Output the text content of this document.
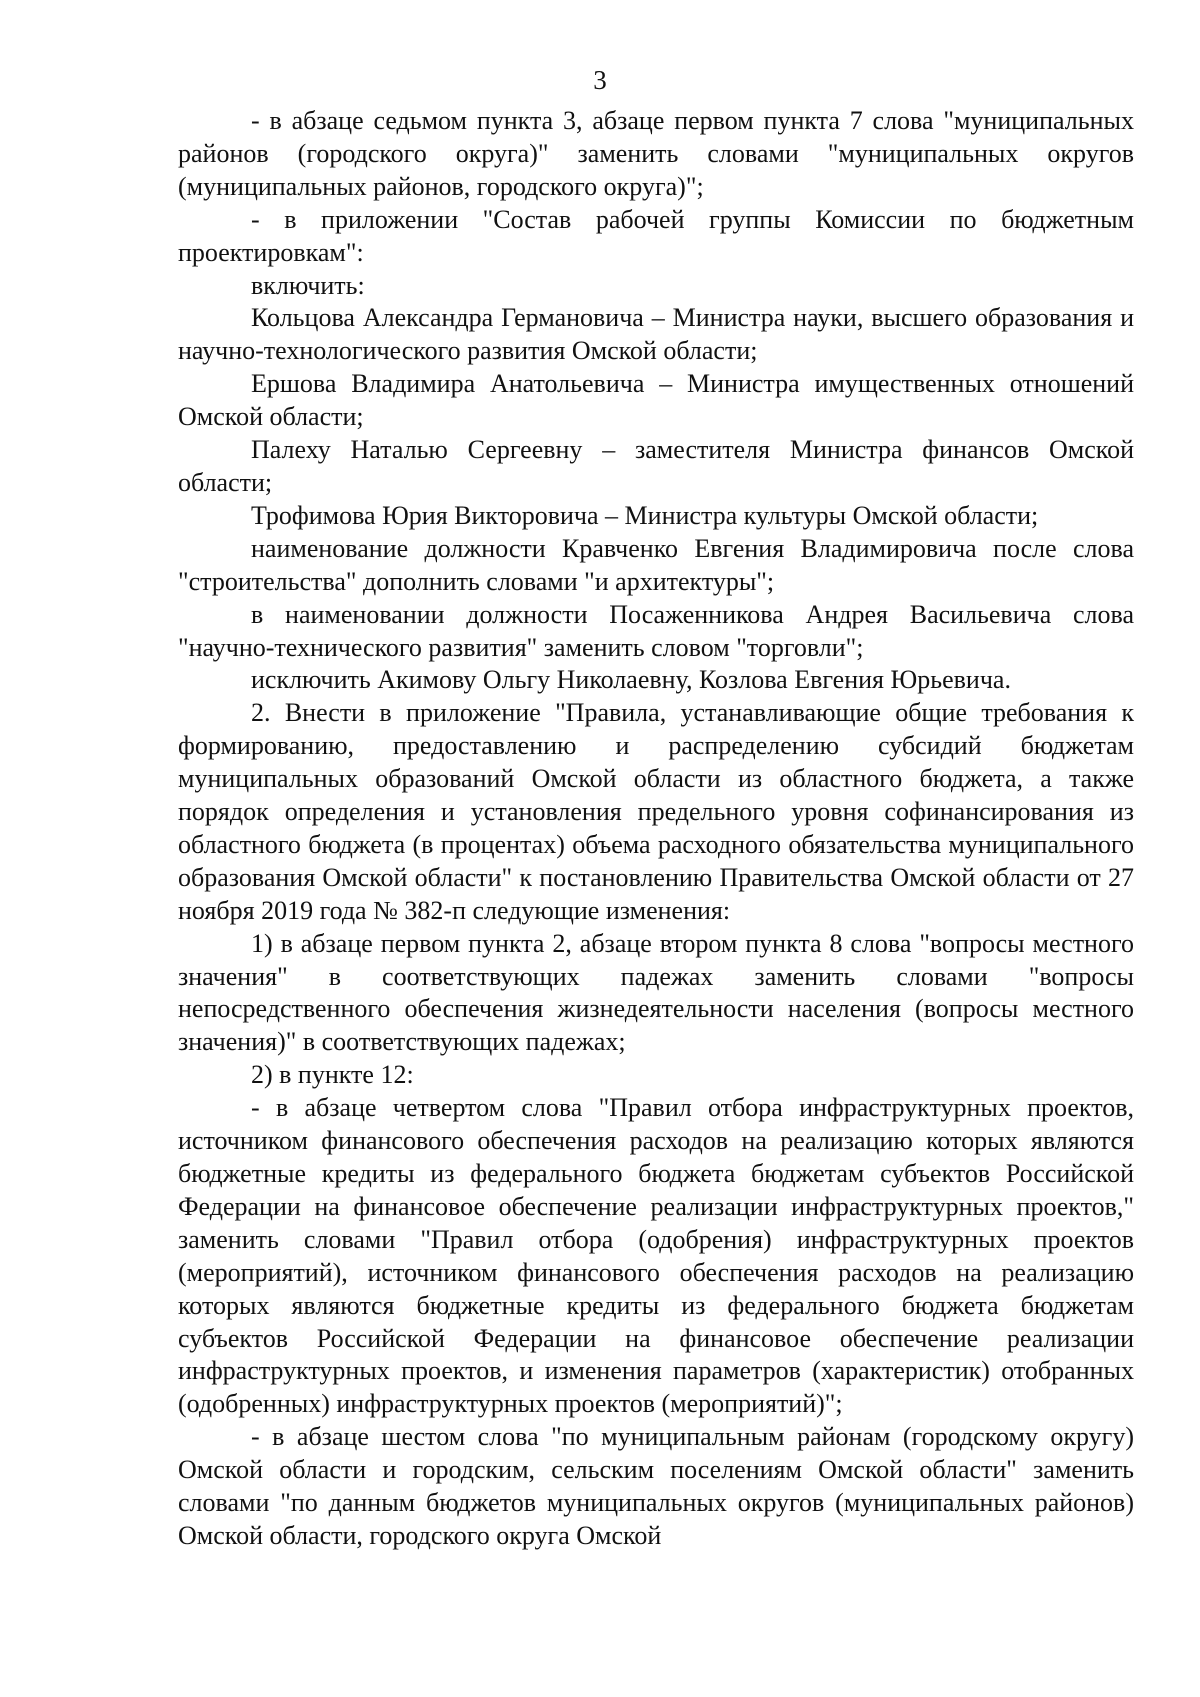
3

- в абзаце седьмом пункта 3, абзаце первом пункта 7 слова "муниципальных районов (городского округа)" заменить словами "муниципальных округов (муниципальных районов, городского округа)";

- в приложении "Состав рабочей группы Комиссии по бюджетным проектировкам":

включить:

Кольцова Александра Германовича – Министра науки, высшего образования и научно-технологического развития Омской области;

Ершова Владимира Анатольевича – Министра имущественных отношений Омской области;

Палеху Наталью Сергеевну – заместителя Министра финансов Омской области;

Трофимова Юрия Викторовича – Министра культуры Омской области;

наименование должности Кравченко Евгения Владимировича после слова "строительства" дополнить словами "и архитектуры";

в наименовании должности Посаженникова Андрея Васильевича слова "научно-технического развития" заменить словом "торговли";

исключить Акимову Ольгу Николаевну, Козлова Евгения Юрьевича.

2. Внести в приложение "Правила, устанавливающие общие требования к формированию, предоставлению и распределению субсидий бюджетам муниципальных образований Омской области из областного бюджета, а также порядок определения и установления предельного уровня софинансирования из областного бюджета (в процентах) объема расходного обязательства муниципального образования Омской области" к постановлению Правительства Омской области от 27 ноября 2019 года № 382-п следующие изменения:

1) в абзаце первом пункта 2, абзаце втором пункта 8 слова "вопросы местного значения" в соответствующих падежах заменить словами "вопросы непосредственного обеспечения жизнедеятельности населения (вопросы местного значения)" в соответствующих падежах;

2) в пункте 12:

- в абзаце четвертом слова "Правил отбора инфраструктурных проектов, источником финансового обеспечения расходов на реализацию которых являются бюджетные кредиты из федерального бюджета бюджетам субъектов Российской Федерации на финансовое обеспечение реализации инфраструктурных проектов," заменить словами "Правил отбора (одобрения) инфраструктурных проектов (мероприятий), источником финансового обеспечения расходов на реализацию которых являются бюджетные кредиты из федерального бюджета бюджетам субъектов Российской Федерации на финансовое обеспечение реализации инфраструктурных проектов, и изменения параметров (характеристик) отобранных (одобренных) инфраструктурных проектов (мероприятий)";

- в абзаце шестом слова "по муниципальным районам (городскому округу) Омской области и городским, сельским поселениям Омской области" заменить словами "по данным бюджетов муниципальных округов (муниципальных районов) Омской области, городского округа Омской
